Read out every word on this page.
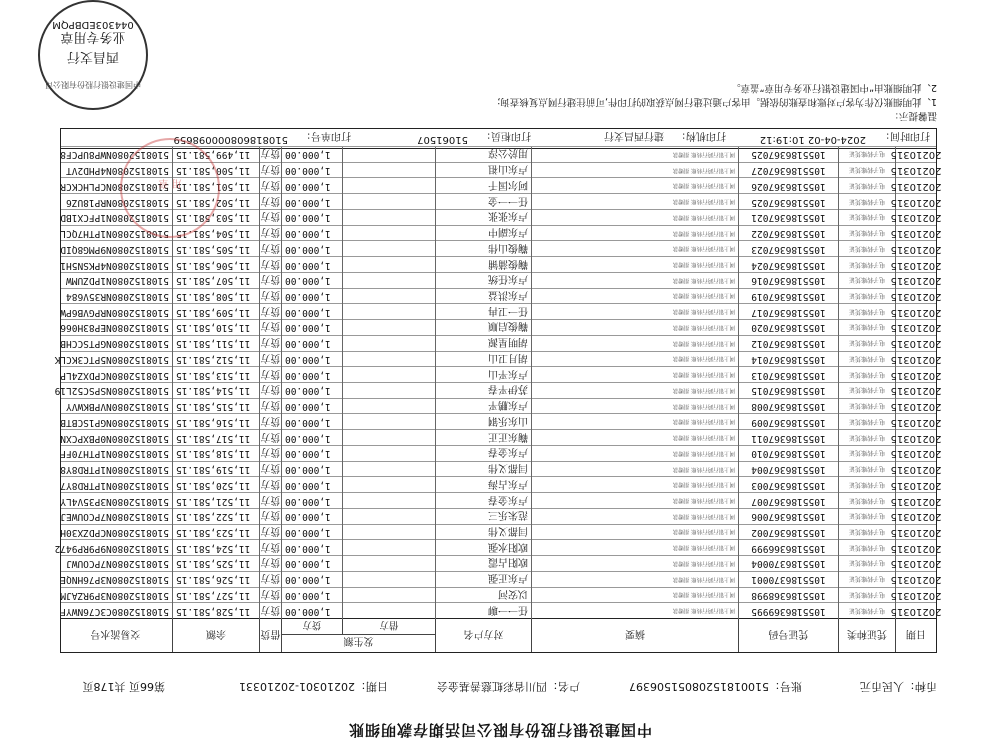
中国建设银行股份有限公司活期存款明细账
币种：人民币元
账号：51001815208051506397
户名：四川省彩虹慈善基金会
日期：20210301-20210331
第66页 共178页
日期
凭证种类
凭证号码
摘要
对方户名
发生额
借方
贷方
借贷
余额
交易流水号
20210315
电子转账凭证
1055186369995
网上银行跨行转账 捐赠款
任一一聊
1,000.00
贷方
11,528,581.15
5108152080C3C76NWYF
20210315
电子转账凭证
1055186368998
网上银行跨行转账 捐赠款
以安河
1,000.00
贷方
11,527,581.15
5108152080N3P9RZAJM
20210315
电子转账凭证
1055186370001
网上银行跨行转账 捐赠款
卢东正强
1,000.00
贷方
11,526,581.15
5108152080N3P76HNQE
20210315
电子转账凭证
1055186370004
网上银行跨行转账 捐赠款
欧阳占霞
1,000.00
贷方
11,525,581.15
5108152080N7PCOUWJ
20210315
电子转账凭证
1055186366999
网上银行跨行转账 捐赠款
欧阳水强
1,000.00
贷方
11,524,581.15
5108152080N9P9RP9472
20210315
电子转账凭证
1055186367002
网上银行跨行转账 捐赠款
闫都义伟
1,000.00
贷方
11,523,581.15
5108152080NCPDZX30H
20210315
电子转账凭证
1055186367006
网上银行跨行转账 捐赠款
范朱乐三
1,000.00
贷方
11,522,581.15
5108152080N7PCOUWEJ
20210315
电子转账凭证
1055186367007
网上银行跨行转账 捐赠款
卢东金春
1,000.00
贷方
11,521,581.15
5108152080N3P35V4LY
20210315
电子转账凭证
1055186367003
网上银行跨行转账 捐赠款
卢东占海
1,000.00
贷方
11,520,581.15
5108152080N1PTRD8Y7
20210315
电子转账凭证
1055186367004
网上银行跨行转账 捐赠款
闫都义伟
1,000.00
贷方
11,519,581.15
5108152080N1PTRD8Y8
20210315
电子转账凭证
1055186367010
网上银行跨行转账 捐赠款
卢东金春
1,000.00
贷方
11,518,581.15
5108152080N1PTH70FF
20210315
电子转账凭证
1055186367011
网上银行跨行转账 捐赠款
鞠东正正
1,000.00
贷方
11,517,581.15
5108152080N0PBXPCXN
20210315
电子转账凭证
1055186367009
网上银行跨行转账 捐赠款
山东乐钢
1,000.00
贷方
11,516,581.15
5108152080NGP1SCBTB
20210315
电子转账凭证
1055186367008
网上银行跨行转账 捐赠款
卢东鹏平
1,000.00
贷方
11,515,581.15
5108152080NVPBKWVY
20210315
电子转账凭证
1055186367015
网上银行跨行转账 捐赠款
苏伊平春
1,000.00
贷方
11,514,581.15
5108152080NSPSC52L19
20210315
电子转账凭证
1055186367013
网上银行跨行转账 捐赠款
卢东平山
1,000.00
贷方
11,513,581.15
5108152080NCPDXZ4LP
20210315
电子转账凭证
1055186367014
网上银行跨行转账 捐赠款
胡月卫山
1,000.00
贷方
11,512,581.15
5108152080N5PTC3KCLK
20210315
电子转账凭证
1055186367012
网上银行跨行转账 捐赠款
胡明星源
1,000.00
贷方
11,511,581.15
5108152080NGPTSCCHB
20210315
电子转账凭证
1055186367020
网上银行跨行转账 捐赠款
鞠俊启顺
1,000.00
贷方
11,510,581.15
5108152080NEP83H066
20210315
电子转账凭证
1055186367017
网上银行跨行转账 捐赠款
任一卫冉
1,000.00
贷方
11,509,581.15
5108152080NRPGVB6PW
20210315
电子转账凭证
1055186367019
网上银行跨行转账 捐赠款
卢东洪益
1,000.00
贷方
11,508,581.15
5108152080NR35V684
20210315
电子转账凭证
1055186367016
网上银行跨行转账 捐赠款
卢东任统
1,000.00
贷方
11,507,581.15
5108152080N1PDZUMW
20210315
电子转账凭证
1055186367024
网上银行跨行转账 捐赠款
鞠俊蒲铺
1,000.00
贷方
11,506,581.15
5108152080N4PKSN5H1
20210315
电子转账凭证
1055186367023
网上银行跨行转账 捐赠款
鞠俊山伟
1,000.00
贷方
11,505,581.15
5108152080N9PMG8QID
20210315
电子转账凭证
1055186367022
网上银行跨行转账 捐赠款
卢东副中
1,000.00
贷方
11,504,581.15
5108152080N1PTH7QCL
20210315
电子转账凭证
1055186367021
网上银行跨行转账 捐赠款
卢东张张
1,000.00
贷方
11,503,581.15
5108152080N1PFCX1BD
20210315
电子转账凭证
1055186367025
网上银行跨行转账 捐赠款
任一一金
1,000.00
贷方
11,502,581.15
5108152080NRP18UZ6
20210315
电子转账凭证
1055186367026
网上银行跨行转账 捐赠款
阿尔国千
1,000.00
贷方
11,501,581.15
5108152080NCPLHCKCR
20210315
电子转账凭证
1055186367027
网上银行跨行转账 捐赠款
卢东山祖
1,000.00
贷方
11,500,581.15
5108152080N4PHD2VT
20210315
电子转账凭证
1055186367025
网上银行跨行转账 捐赠款
用於公淳
1,000.00
贷方
11,499,581.15
5108152080NWP8UPCF8
打印时间：
2024-04-02 10:19:12
打印机构：
建行西昌支行
打印柜员：
51061507
打印单号：
510818608000098659
温馨提示：
1、此明细账仅作为客户对账和查账的依据。由客户通过建行网点获取的打印件,可前往建行网点复核查询;
2、此明细账由“中国建设银行业务专用章”盖章。
用 章
中国建设银行股份有限公司
西昌支行
业务专用章
044303EDBPQM
